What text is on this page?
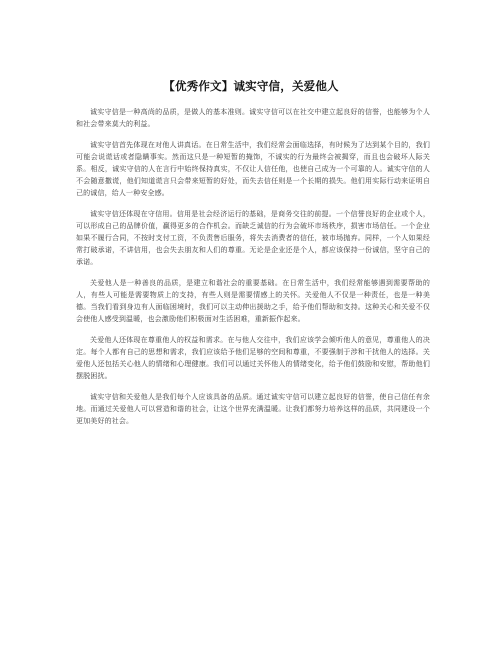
【优秀作文】诚实守信，关爱他人

诚实守信是一种高尚的品质，是做人的基本准则。诚实守信可以在社交中建立起良好的信誉，也能够为个人和社会带来莫大的利益。

诚实守信首先体现在对他人讲真话。在日常生活中，我们经常会面临选择，有时候为了达到某个目的，我们可能会说谎话或者隐瞒事实。然而这只是一种短暂的掩饰，不诚实的行为最终会被揭穿，而且也会破坏人际关系。相反，诚实守信的人在言行中始终保持真实，不仅让人信任他，也使自己成为一个可靠的人。诚实守信的人不会随意撒谎，他们知道谎言只会带来短暂的好处，而失去信任则是一个长期的损失。他们用实际行动来证明自己的诚信，给人一种安全感。

诚实守信还体现在守信用。信用是社会经济运行的基础，是商务交往的前提。一个信誉良好的企业或个人，可以形成自己的品牌价值，赢得更多的合作机会。而缺乏诚信的行为会破坏市场秩序，损害市场信任。一个企业如果不履行合同，不按时支付工资，不负责售后服务，将失去消费者的信任，被市场抛弃。同样，一个人如果经常打破承诺，不讲信用，也会失去朋友和人们的尊重。无论是企业还是个人，都应该保持一份诚信，坚守自己的承诺。

关爱他人是一种善良的品质，是建立和谐社会的重要基础。在日常生活中，我们经常能够遇到需要帮助的人，有些人可能是需要物质上的支持，有些人则是需要情感上的关怀。关爱他人不仅是一种责任，也是一种美德。当我们看到身边有人面临困境时，我们可以主动伸出援助之手，给予他们帮助和支持。这种关心和关爱不仅会使他人感受到温暖，也会激励他们积极面对生活困难，重新振作起来。

关爱他人还体现在尊重他人的权益和需求。在与他人交往中，我们应该学会倾听他人的意见，尊重他人的决定。每个人都有自己的思想和需求，我们应该给予他们足够的空间和尊重，不要强制于涉和干扰他人的选择。关爱他人还包括关心他人的情绪和心理健康。我们可以通过关怀他人的情绪变化，给予他们鼓励和安慰，帮助他们摆脱困扰。

诚实守信和关爱他人是我们每个人应该具备的品质。通过诚实守信可以建立起良好的信誉，使自己信任有余地。而通过关爱他人可以营造和谐的社会，让这个世界充满温暖。让我们都努力培养这样的品质，共同建设一个更加美好的社会。
